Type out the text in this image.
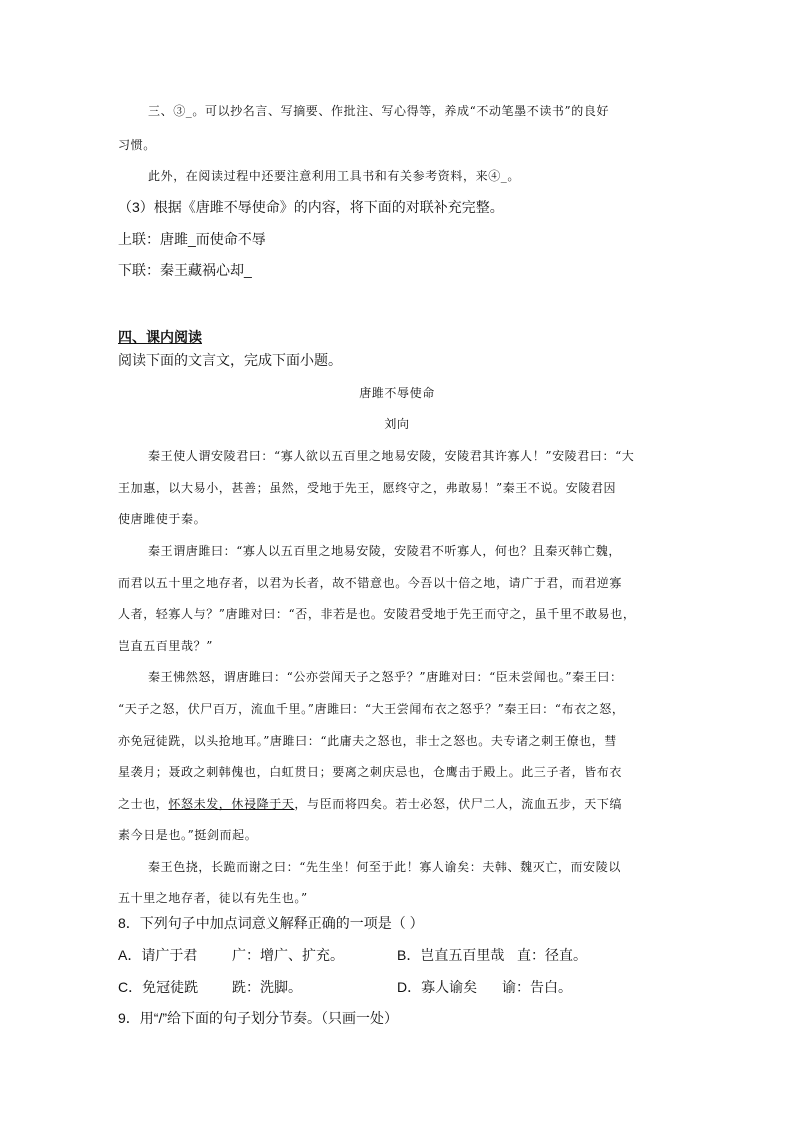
三、③_。可以抄名言、写摘要、作批注、写心得等，养成“不动笔墨不读书”的良好
习惯。
此外，在阅读过程中还要注意利用工具书和有关参考资料，来④_。
（3）根据《唐雎不辱使命》的内容，将下面的对联补充完整。
上联：唐雎_而使命不辱
下联：秦王藏祸心却_
四、课内阅读
阅读下面的文言文，完成下面小题。
唐雎不辱使命
刘向
秦王使人谓安陵君曰：“寡人欲以五百里之地易安陵，安陵君其许寡人！”安陵君曰：“大
王加惠，以大易小，甚善；虽然，受地于先王，愿终守之，弗敢易！”秦王不说。安陵君因
使唐雎使于秦。
秦王谓唐雎曰：“寡人以五百里之地易安陵，安陵君不听寡人，何也？且秦灭韩亡魏，
而君以五十里之地存者，以君为长者，故不错意也。今吾以十倍之地，请广于君，而君逆寡
人者，轻寡人与？”唐雎对曰：“否，非若是也。安陵君受地于先王而守之，虽千里不敢易也，
岂直五百里哉？”
秦王怫然怒，谓唐雎曰：“公亦尝闻天子之怒乎？”唐雎对曰：“臣未尝闻也。”秦王曰：
“天子之怒，伏尸百万，流血千里。”唐雎曰：“大王尝闻布衣之怒乎？”秦王曰：“布衣之怒，
亦免冠徒跣，以头抢地耳。”唐雎曰：“此庸夫之怒也，非士之怒也。夫专诸之刺王僚也，彗
星袭月；聂政之刺韩傀也，白虹贯日；要离之刺庆忌也，仓鹰击于殿上。此三子者，皆布衣
之士也，怀怒未发，休祲降于天，与臣而将四矣。若士必怒，伏尸二人，流血五步，天下缟
素今日是也。”挺剑而起。
秦王色挠，长跪而谢之曰：“先生坐！何至于此！寡人谕矣：夫韩、魏灭亡，而安陵以
五十里之地存者，徒以有先生也。”
8．下列句子中加点词意义解释正确的一项是（ ）
A．请广于君 广：增广、扩充。	B．岂直五百里哉 直：径直。
C．免冠徒跣 跣：洗脚。	D．寡人谕矣 谕：告白。
9．用“/”给下面的句子划分节奏。（只画一处）
